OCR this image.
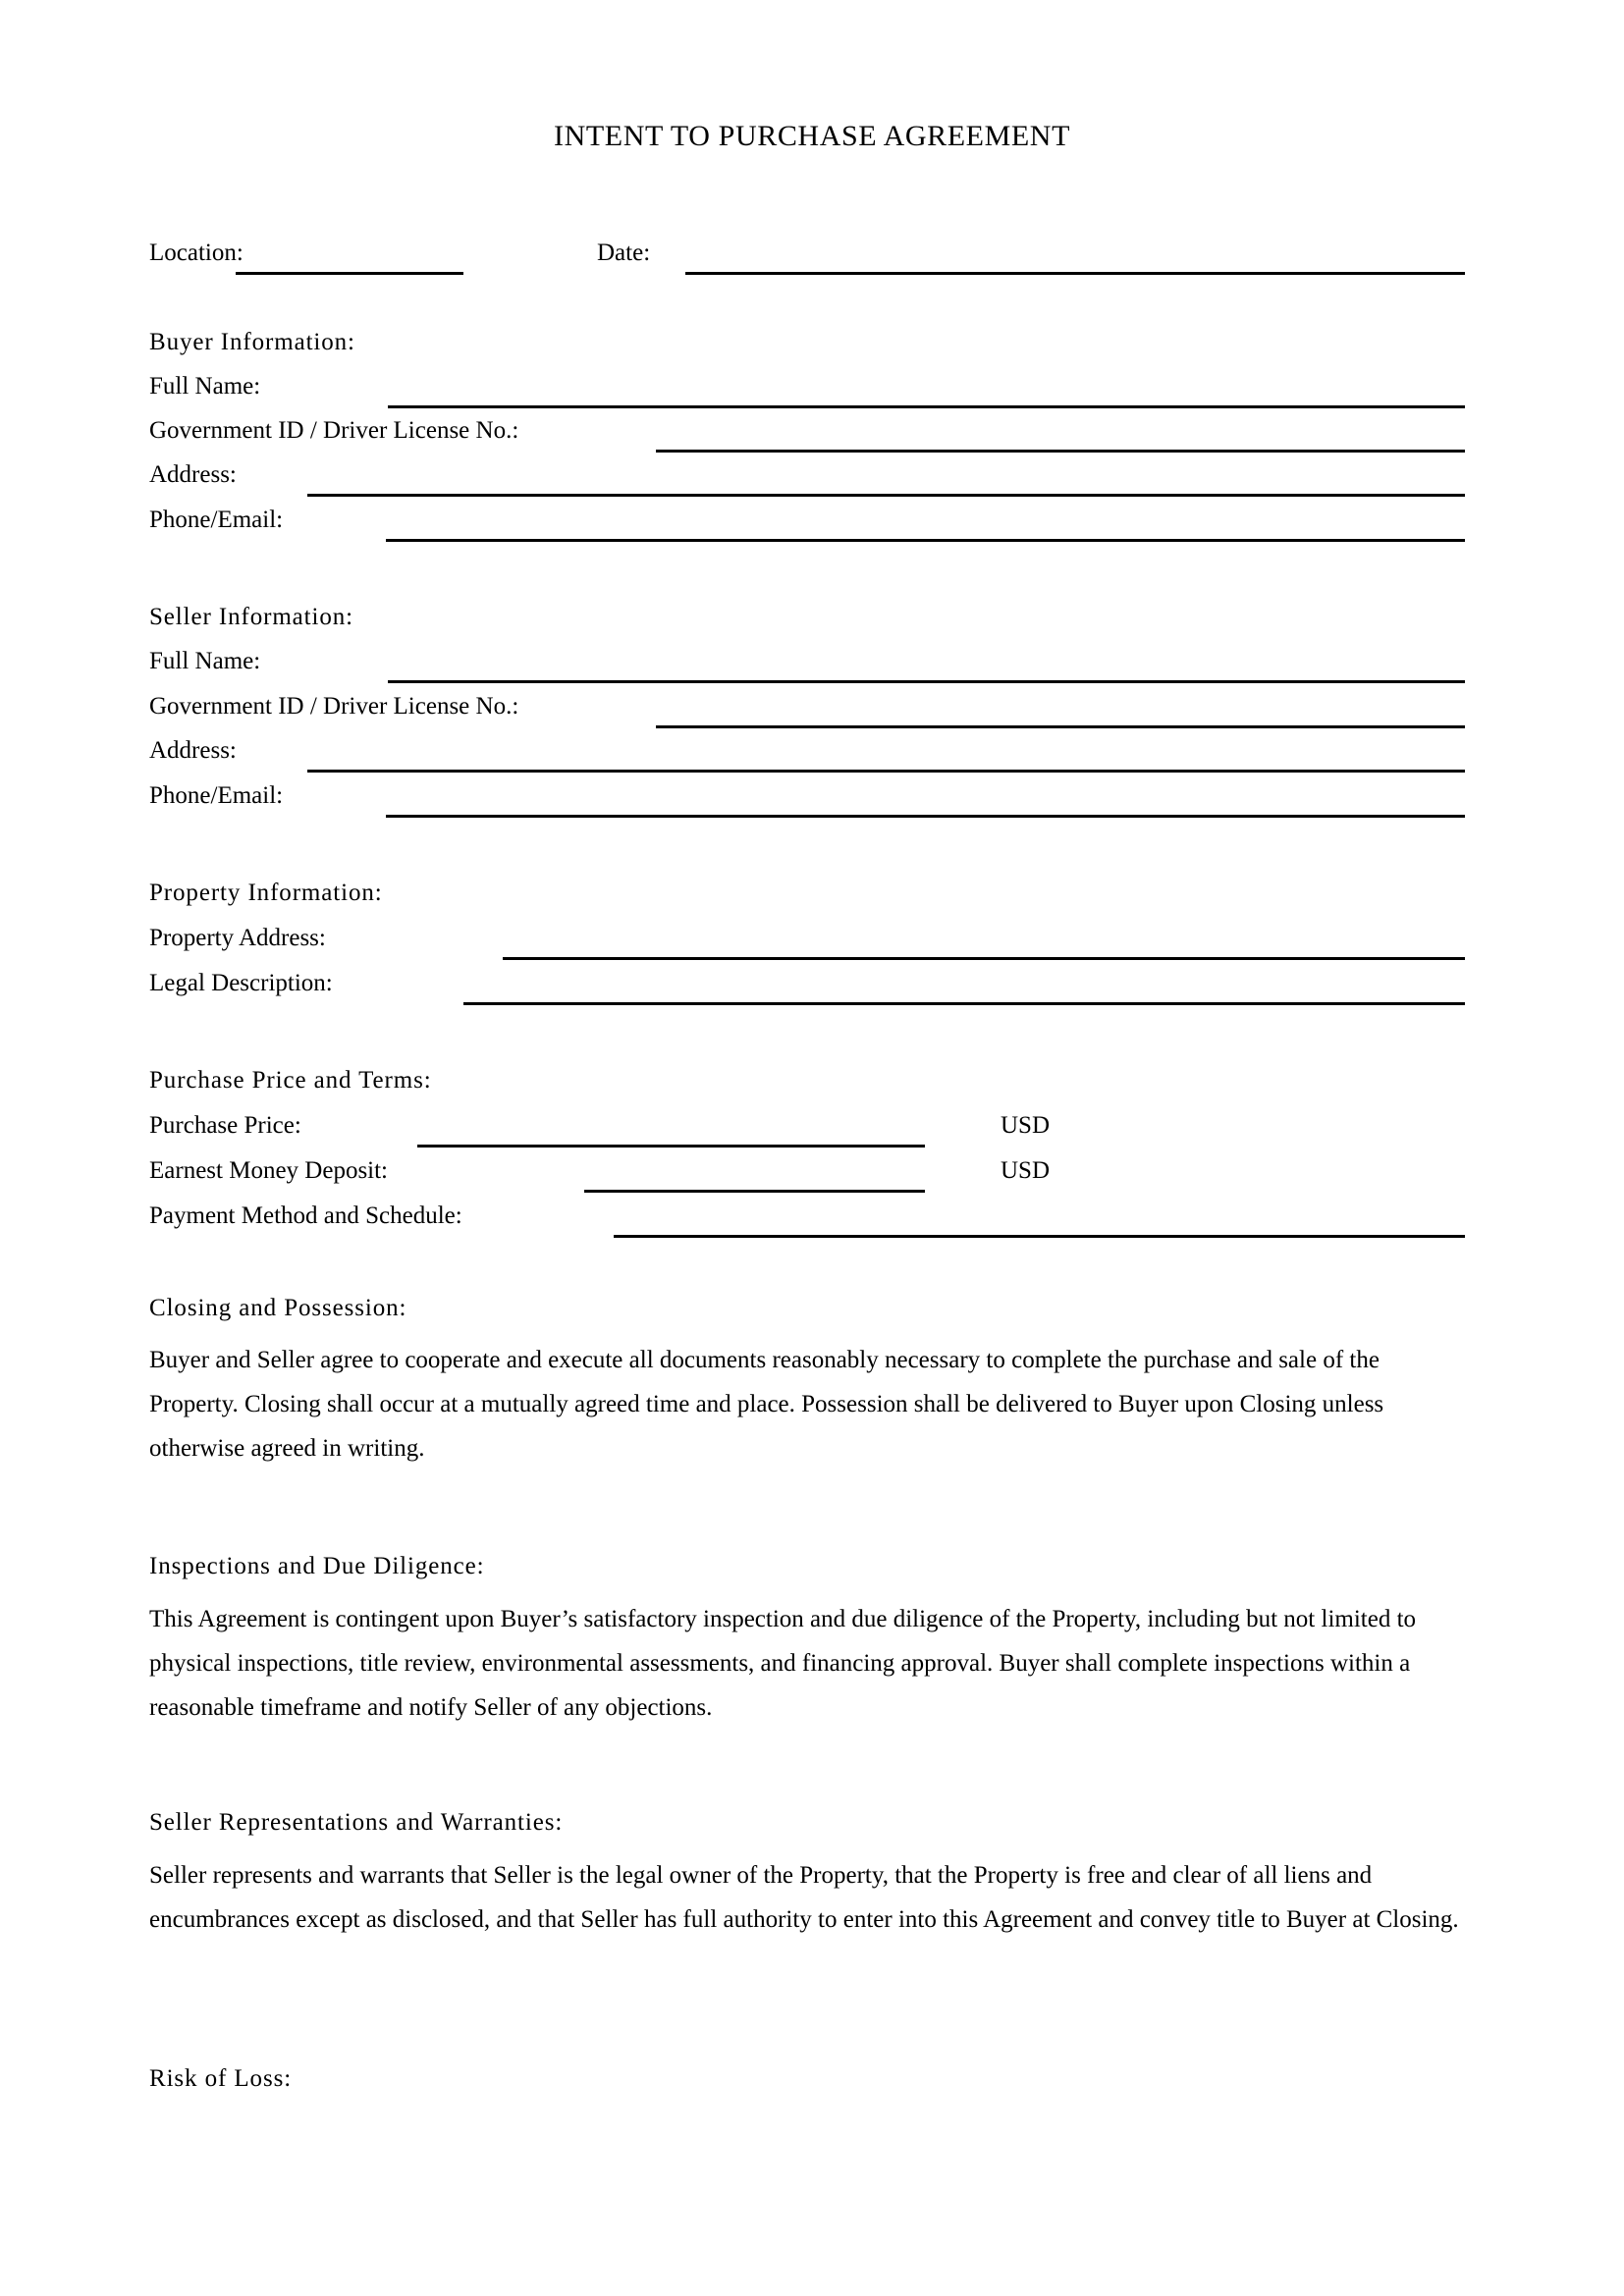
INTENT TO PURCHASE AGREEMENT
Location:	Date:
Buyer Information:
Full Name:
Government ID / Driver License No.:
Address:
Phone/Email:
Seller Information:
Full Name:
Government ID / Driver License No.:
Address:
Phone/Email:
Property Information:
Property Address:
Legal Description:
Purchase Price and Terms:
Purchase Price:	USD
Earnest Money Deposit:	USD
Payment Method and Schedule:
Closing and Possession:
Buyer and Seller agree to cooperate and execute all documents reasonably necessary to complete the purchase and sale of the Property. Closing shall occur at a mutually agreed time and place. Possession shall be delivered to Buyer upon Closing unless otherwise agreed in writing.
Inspections and Due Diligence:
This Agreement is contingent upon Buyer’s satisfactory inspection and due diligence of the Property, including but not limited to physical inspections, title review, environmental assessments, and financing approval. Buyer shall complete inspections within a reasonable timeframe and notify Seller of any objections.
Seller Representations and Warranties:
Seller represents and warrants that Seller is the legal owner of the Property, that the Property is free and clear of all liens and encumbrances except as disclosed, and that Seller has full authority to enter into this Agreement and convey title to Buyer at Closing.
Risk of Loss:
